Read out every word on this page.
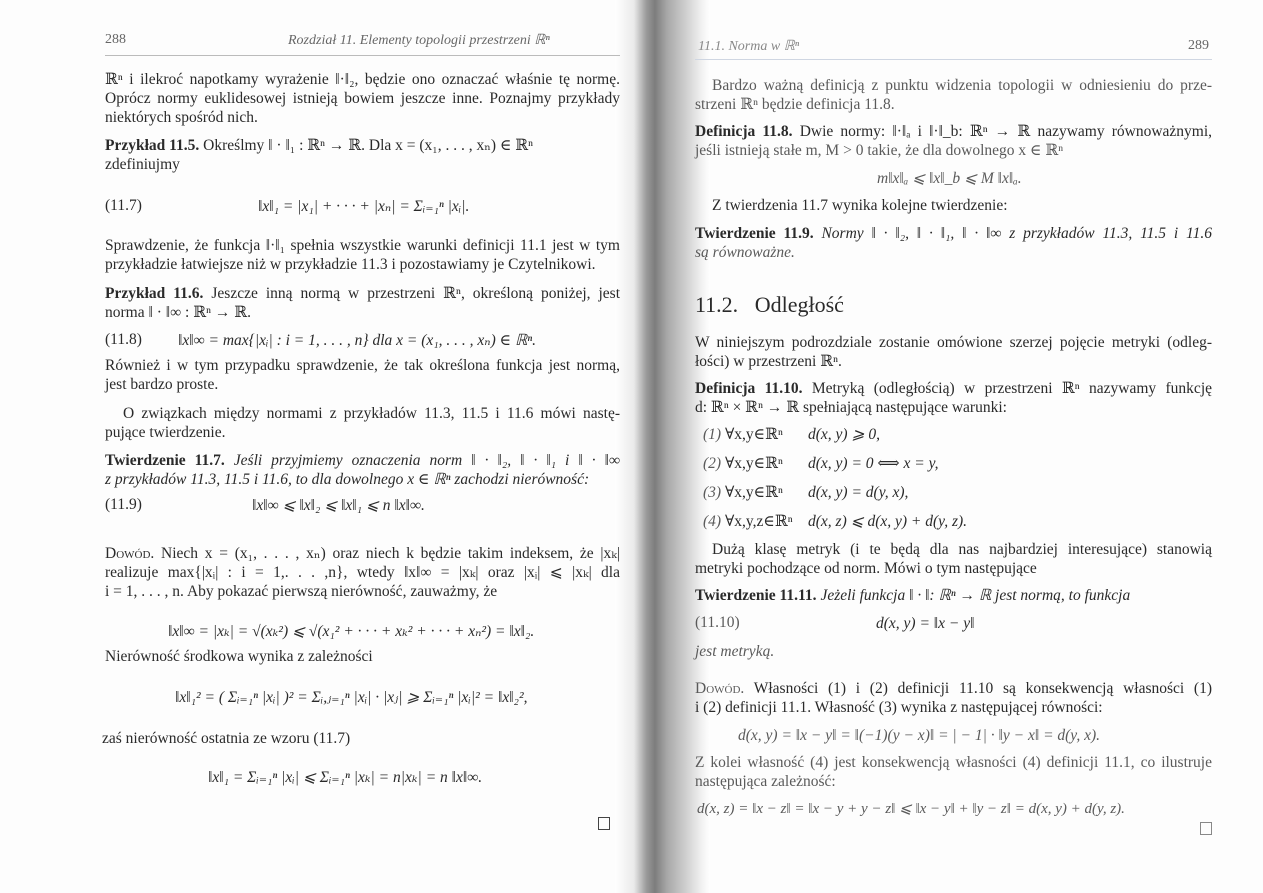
288	Rozdział 11. Elementy topologii przestrzeni ℝⁿ
ℝⁿ i ilekroć napotkamy wyrażenie ‖·‖₂, będzie ono oznaczać właśnie tę normę.
Oprócz normy euklidesowej istnieją bowiem jeszcze inne. Poznajmy przykłady
niektórych spośród nich.
Przykład 11.5. Określmy ‖ · ‖₁ : ℝⁿ → ℝ. Dla x = (x₁, . . . , xₙ) ∈ ℝⁿ
zdefiniujmy
(11.7)	‖x‖₁ = |x₁| + · · · + |xₙ| = Σᵢ₌₁ⁿ |xᵢ|.
Sprawdzenie, że funkcja ‖·‖₁ spełnia wszystkie warunki definicji 11.1 jest w tym
przykładzie łatwiejsze niż w przykładzie 11.3 i pozostawiamy je Czytelnikowi.
Przykład 11.6. Jeszcze inną normą w przestrzeni ℝⁿ, określoną poniżej, jest
norma ‖ · ‖∞ : ℝⁿ → ℝ.
(11.8) ‖x‖∞ = max{|xᵢ| : i = 1, . . . , n} dla x = (x₁, . . . , xₙ) ∈ ℝⁿ.
Również i w tym przypadku sprawdzenie, że tak określona funkcja jest normą,
jest bardzo proste.
O związkach między normami z przykładów 11.3, 11.5 i 11.6 mówi nastę-
pujące twierdzenie.
Twierdzenie 11.7. Jeśli przyjmiemy oznaczenia norm ‖ · ‖₂, ‖ · ‖₁ i ‖ · ‖∞
z przykładów 11.3, 11.5 i 11.6, to dla dowolnego x ∈ ℝⁿ zachodzi nierówność:
(11.9)	‖x‖∞ ⩽ ‖x‖₂ ⩽ ‖x‖₁ ⩽ n ‖x‖∞.
Dowód. Niech x = (x₁, . . . , xₙ) oraz niech k będzie takim indeksem, że |xₖ|
realizuje max{|xᵢ| : i = 1,. . . ,n}, wtedy ‖x‖∞ = |xₖ| oraz |xᵢ| ⩽ |xₖ| dla
i = 1, . . . , n. Aby pokazać pierwszą nierówność, zauważmy, że
‖x‖∞ = |xₖ| = √(xₖ²) ⩽ √(x₁² + · · · + xₖ² + · · · + xₙ²) = ‖x‖₂.
Nierówność środkowa wynika z zależności
‖x‖₁² = ( Σᵢ₌₁ⁿ |xᵢ| )² = Σᵢ,ⱼ₌₁ⁿ |xᵢ| · |xⱼ| ⩾ Σᵢ₌₁ⁿ |xᵢ|² = ‖x‖₂²,
zaś nierówność ostatnia ze wzoru (11.7)
‖x‖₁ = Σᵢ₌₁ⁿ |xᵢ| ⩽ Σᵢ₌₁ⁿ |xₖ| = n|xₖ| = n ‖x‖∞.
11.1. Norma w ℝⁿ	289
Bardzo ważną definicją z punktu widzenia topologii w odniesieniu do prze-
strzeni ℝⁿ będzie definicja 11.8.
Definicja 11.8. Dwie normy: ‖·‖ₐ i ‖·‖_b: ℝⁿ → ℝ nazywamy równoważnymi,
jeśli istnieją stałe m, M > 0 takie, że dla dowolnego x ∈ ℝⁿ
m‖x‖ₐ ⩽ ‖x‖_b ⩽ M ‖x‖ₐ.
Z twierdzenia 11.7 wynika kolejne twierdzenie:
Twierdzenie 11.9. Normy ‖ · ‖₂, ‖ · ‖₁, ‖ · ‖∞ z przykładów 11.3, 11.5 i 11.6
są równoważne.
11.2. Odległość
W niniejszym podrozdziale zostanie omówione szerzej pojęcie metryki (odleg-
łości) w przestrzeni ℝⁿ.
Definicja 11.10. Metryką (odległością) w przestrzeni ℝⁿ nazywamy funkcję
d: ℝⁿ × ℝⁿ → ℝ spełniającą następujące warunki:
(1) ∀x,y∈ℝⁿ d(x, y) ⩾ 0,
(2) ∀x,y∈ℝⁿ d(x, y) = 0 ⟺ x = y,
(3) ∀x,y∈ℝⁿ d(x, y) = d(y, x),
(4) ∀x,y,z∈ℝⁿ d(x, z) ⩽ d(x, y) + d(y, z).
Dużą klasę metryk (i te będą dla nas najbardziej interesujące) stanowią
metryki pochodzące od norm. Mówi o tym następujące
Twierdzenie 11.11. Jeżeli funkcja ‖ · ‖: ℝⁿ → ℝ jest normą, to funkcja
(11.10)	d(x, y) = ‖x − y‖
jest metryką.
Dowód. Własności (1) i (2) definicji 11.10 są konsekwencją własności (1)
i (2) definicji 11.1. Własność (3) wynika z następującej równości:
d(x, y) = ‖x − y‖ = ‖(−1)(y − x)‖ = | − 1| · ‖y − x‖ = d(y, x).
Z kolei własność (4) jest konsekwencją własności (4) definicji 11.1, co ilustruje
następująca zależność:
d(x, z) = ‖x − z‖ = ‖x − y + y − z‖ ⩽ ‖x − y‖ + ‖y − z‖ = d(x, y) + d(y, z).
